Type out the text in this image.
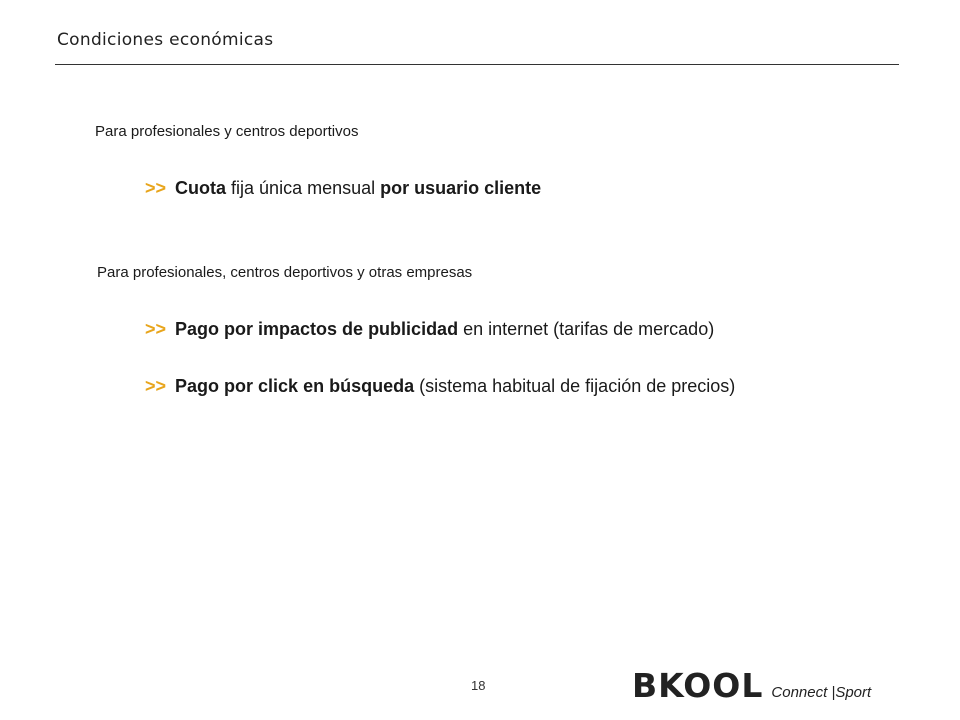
Condiciones económicas
Para profesionales y centros deportivos
>> Cuota fija única mensual por usuario cliente
Para profesionales, centros deportivos y otras empresas
>> Pago por impactos de publicidad en internet (tarifas de mercado)
>> Pago por click en búsqueda (sistema habitual de fijación de precios)
18	BKOOL Connect |Sport
